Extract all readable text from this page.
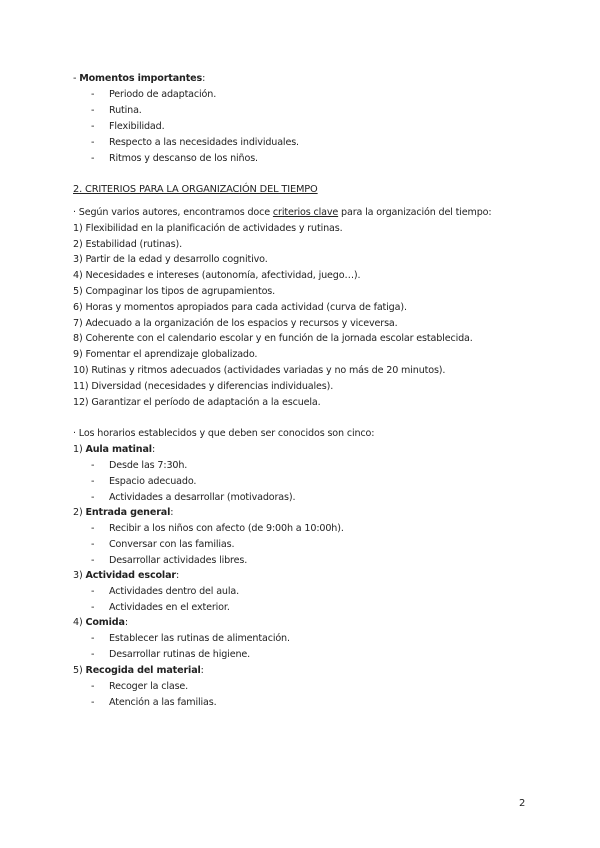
- Momentos importantes:
- Periodo de adaptación.
- Rutina.
- Flexibilidad.
- Respecto a las necesidades individuales.
- Ritmos y descanso de los niños.
2. CRITERIOS PARA LA ORGANIZACIÓN DEL TIEMPO
· Según varios autores, encontramos doce criterios clave para la organización del tiempo:
1) Flexibilidad en la planificación de actividades y rutinas.
2) Estabilidad (rutinas).
3) Partir de la edad y desarrollo cognitivo.
4) Necesidades e intereses (autonomía, afectividad, juego…).
5) Compaginar los tipos de agrupamientos.
6) Horas y momentos apropiados para cada actividad (curva de fatiga).
7) Adecuado a la organización de los espacios y recursos y viceversa.
8) Coherente con el calendario escolar y en función de la jornada escolar establecida.
9) Fomentar el aprendizaje globalizado.
10) Rutinas y ritmos adecuados (actividades variadas y no más de 20 minutos).
11) Diversidad (necesidades y diferencias individuales).
12) Garantizar el período de adaptación a la escuela.
· Los horarios establecidos y que deben ser conocidos son cinco:
1) Aula matinal:
- Desde las 7:30h.
- Espacio adecuado.
- Actividades a desarrollar (motivadoras).
2) Entrada general:
- Recibir a los niños con afecto (de 9:00h a 10:00h).
- Conversar con las familias.
- Desarrollar actividades libres.
3) Actividad escolar:
- Actividades dentro del aula.
- Actividades en el exterior.
4) Comida:
- Establecer las rutinas de alimentación.
- Desarrollar rutinas de higiene.
5) Recogida del material:
- Recoger la clase.
- Atención a las familias.
2
